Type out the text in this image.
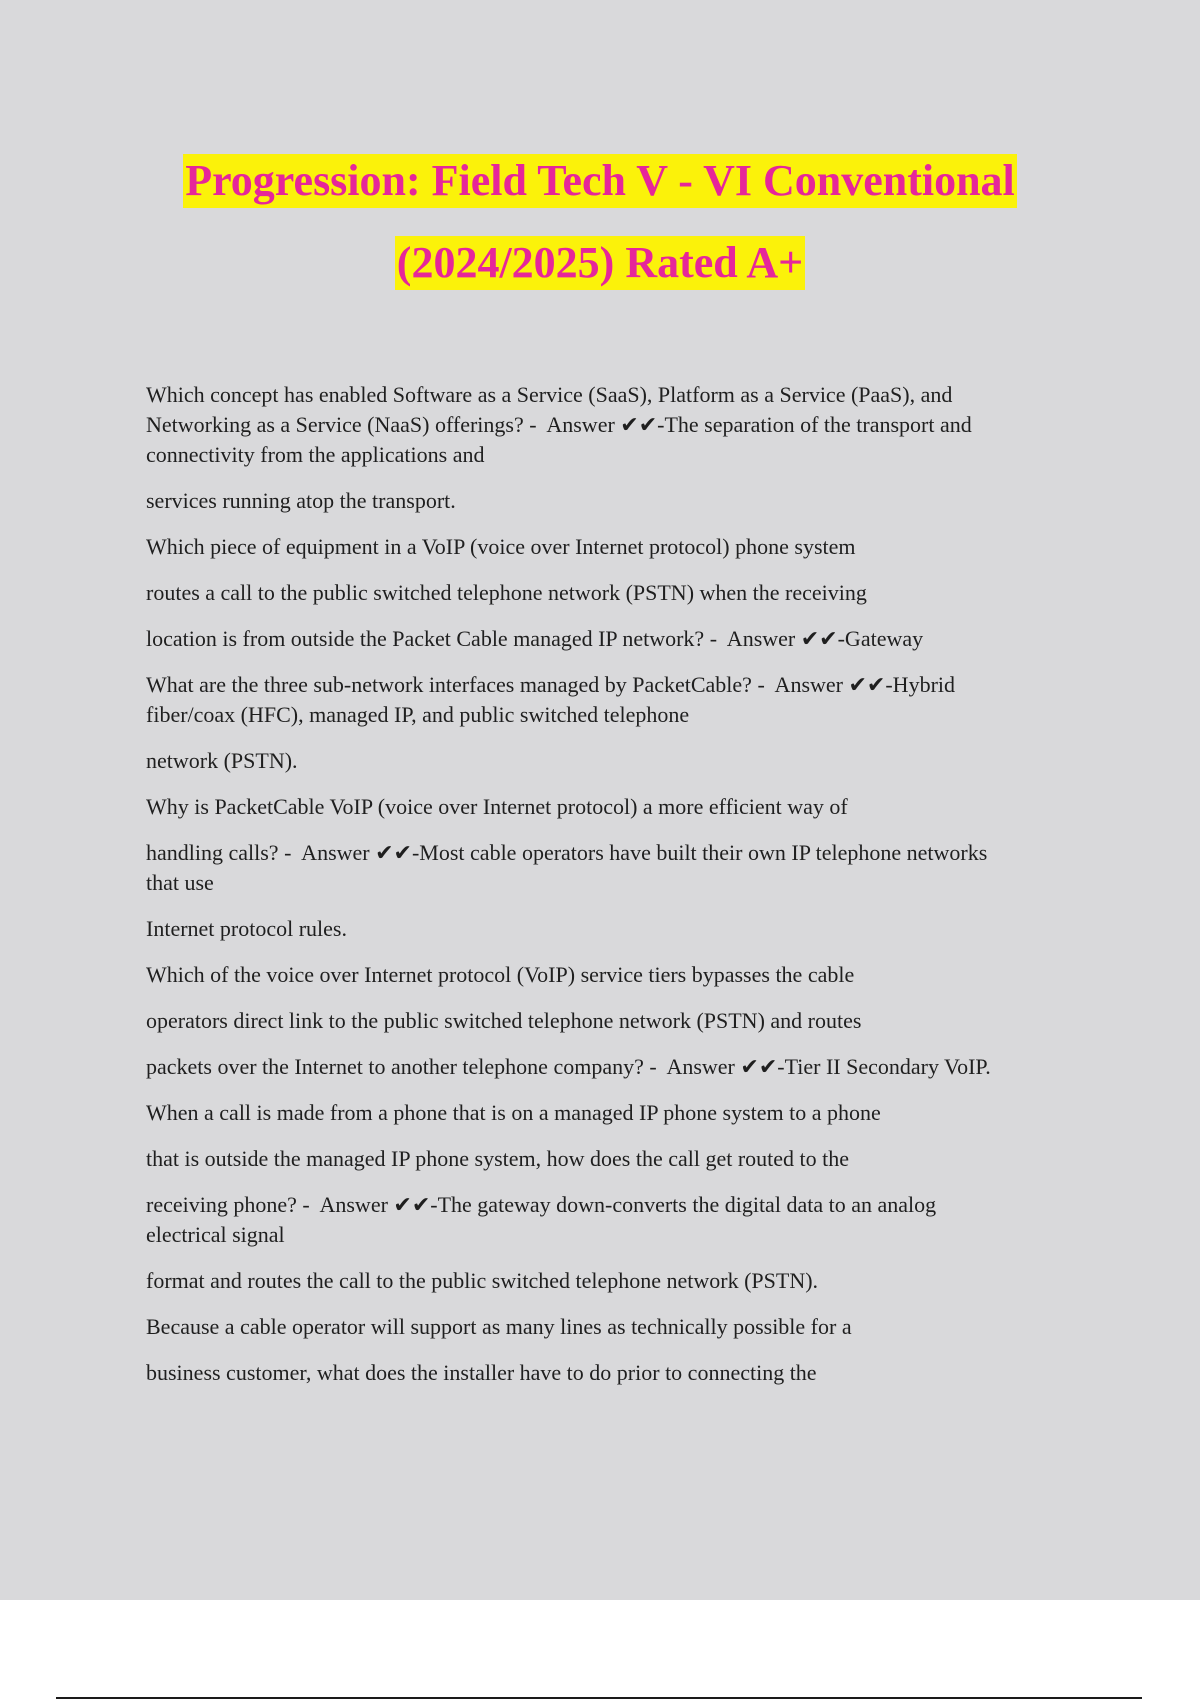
Progression: Field Tech V - VI Conventional
(2024/2025) Rated A+

Which concept has enabled Software as a Service (SaaS), Platform as a Service (PaaS), and

Networking as a Service (NaaS) offerings? -  Answer ✔✔-The separation of the transport and

connectivity from the applications and

services running atop the transport.

Which piece of equipment in a VoIP (voice over Internet protocol) phone system

routes a call to the public switched telephone network (PSTN) when the receiving

location is from outside the Packet Cable managed IP network? -  Answer ✔✔-Gateway

What are the three sub-network interfaces managed by PacketCable? -  Answer ✔✔-Hybrid

fiber/coax (HFC), managed IP, and public switched telephone

network (PSTN).

Why is PacketCable VoIP (voice over Internet protocol) a more efficient way of

handling calls? -  Answer ✔✔-Most cable operators have built their own IP telephone networks

that use

Internet protocol rules.

Which of the voice over Internet protocol (VoIP) service tiers bypasses the cable

operators direct link to the public switched telephone network (PSTN) and routes

packets over the Internet to another telephone company? -  Answer ✔✔-Tier II Secondary VoIP.

When a call is made from a phone that is on a managed IP phone system to a phone

that is outside the managed IP phone system, how does the call get routed to the

receiving phone? -  Answer ✔✔-The gateway down-converts the digital data to an analog

electrical signal

format and routes the call to the public switched telephone network (PSTN).

Because a cable operator will support as many lines as technically possible for a

business customer, what does the installer have to do prior to connecting the
